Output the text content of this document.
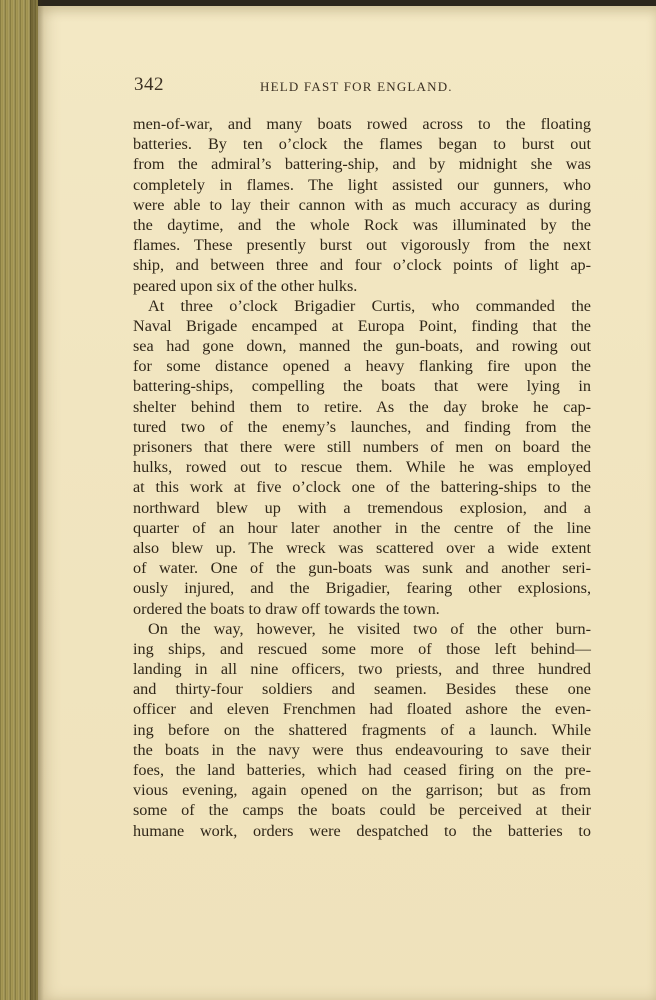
342	HELD FAST FOR ENGLAND.
men-of-war, and many boats rowed across to the floating
batteries. By ten o’clock the flames began to burst out
from the admiral’s battering-ship, and by midnight she was
completely in flames. The light assisted our gunners, who
were able to lay their cannon with as much accuracy as during
the daytime, and the whole Rock was illuminated by the
flames. These presently burst out vigorously from the next
ship, and between three and four o’clock points of light ap-
peared upon six of the other hulks.
At three o’clock Brigadier Curtis, who commanded the
Naval Brigade encamped at Europa Point, finding that the
sea had gone down, manned the gun-boats, and rowing out
for some distance opened a heavy flanking fire upon the
battering-ships, compelling the boats that were lying in
shelter behind them to retire. As the day broke he cap-
tured two of the enemy’s launches, and finding from the
prisoners that there were still numbers of men on board the
hulks, rowed out to rescue them. While he was employed
at this work at five o’clock one of the battering-ships to the
northward blew up with a tremendous explosion, and a
quarter of an hour later another in the centre of the line
also blew up. The wreck was scattered over a wide extent
of water. One of the gun-boats was sunk and another seri-
ously injured, and the Brigadier, fearing other explosions,
ordered the boats to draw off towards the town.
On the way, however, he visited two of the other burn-
ing ships, and rescued some more of those left behind—
landing in all nine officers, two priests, and three hundred
and thirty-four soldiers and seamen. Besides these one
officer and eleven Frenchmen had floated ashore the even-
ing before on the shattered fragments of a launch. While
the boats in the navy were thus endeavouring to save their
foes, the land batteries, which had ceased firing on the pre-
vious evening, again opened on the garrison; but as from
some of the camps the boats could be perceived at their
humane work, orders were despatched to the batteries to
